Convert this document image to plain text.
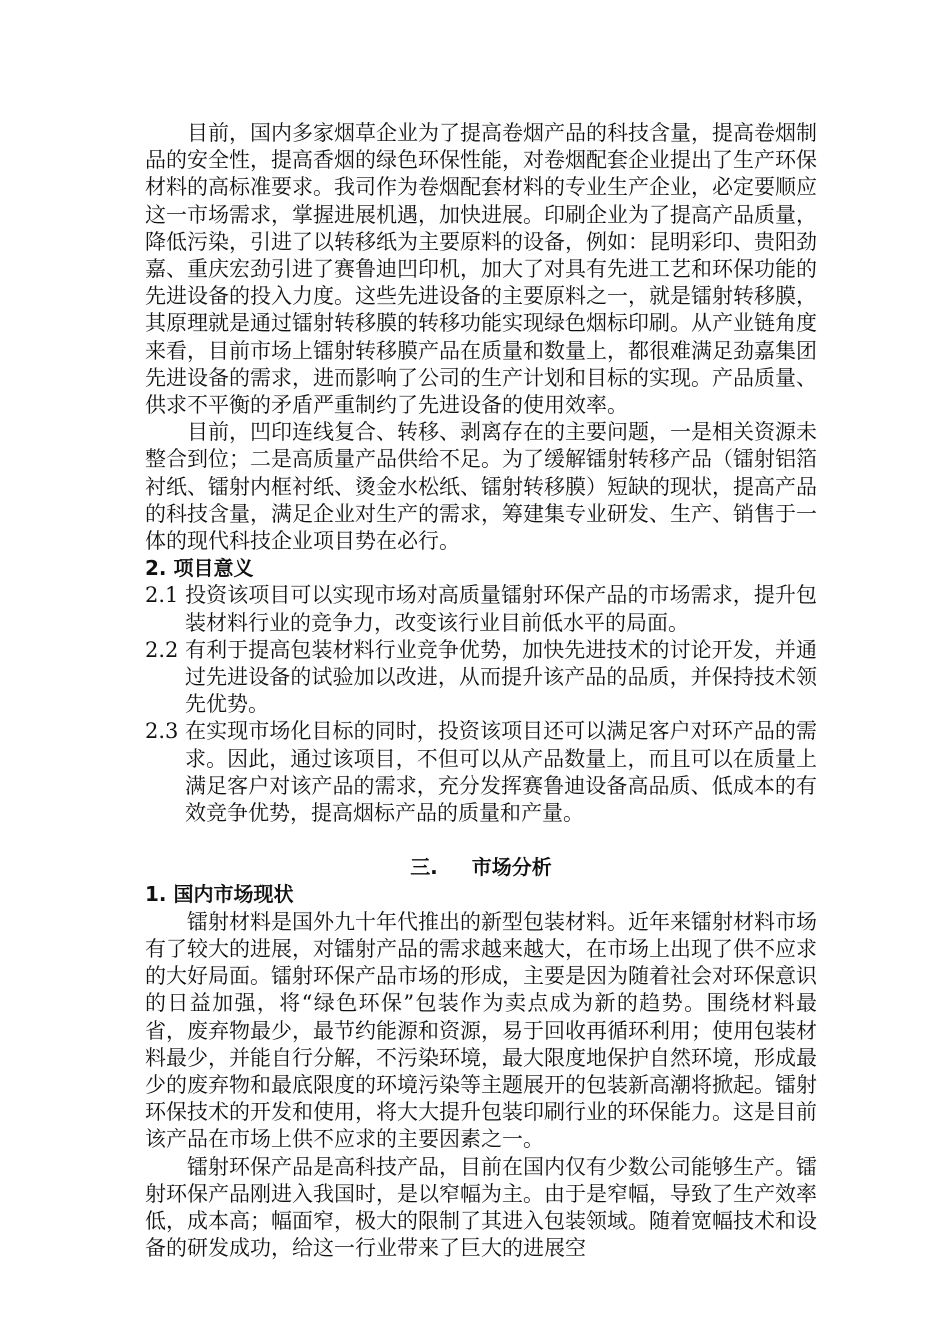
目前，国内多家烟草企业为了提高卷烟产品的科技含量，提高卷烟制品的安全性，提高香烟的绿色环保性能，对卷烟配套企业提出了生产环保材料的高标准要求。我司作为卷烟配套材料的专业生产企业，必定要顺应这一市场需求，掌握进展机遇，加快进展。印刷企业为了提高产品质量，降低污染，引进了以转移纸为主要原料的设备，例如：昆明彩印、贵阳劲嘉、重庆宏劲引进了赛鲁迪凹印机，加大了对具有先进工艺和环保功能的先进设备的投入力度。这些先进设备的主要原料之一，就是镭射转移膜，其原理就是通过镭射转移膜的转移功能实现绿色烟标印刷。从产业链角度来看，目前市场上镭射转移膜产品在质量和数量上，都很难满足劲嘉集团先进设备的需求，进而影响了公司的生产计划和目标的实现。产品质量、供求不平衡的矛盾严重制约了先进设备的使用效率。

目前，凹印连线复合、转移、剥离存在的主要问题，一是相关资源未整合到位；二是高质量产品供给不足。为了缓解镭射转移产品（镭射铝箔衬纸、镭射内框衬纸、烫金水松纸、镭射转移膜）短缺的现状，提高产品的科技含量，满足企业对生产的需求，筹建集专业研发、生产、销售于一体的现代科技企业项目势在必行。

2. 项目意义

2.1 投资该项目可以实现市场对高质量镭射环保产品的市场需求，提升包装材料行业的竞争力，改变该行业目前低水平的局面。

2.2 有利于提高包装材料行业竞争优势，加快先进技术的讨论开发，并通过先进设备的试验加以改进，从而提升该产品的品质，并保持技术领先优势。

2.3 在实现市场化目标的同时，投资该项目还可以满足客户对环产品的需求。因此，通过该项目，不但可以从产品数量上，而且可以在质量上满足客户对该产品的需求，充分发挥赛鲁迪设备高品质、低成本的有效竞争优势，提高烟标产品的质量和产量。

三. 市场分析
1. 国内市场现状

镭射材料是国外九十年代推出的新型包装材料。近年来镭射材料市场有了较大的进展，对镭射产品的需求越来越大，在市场上出现了供不应求的大好局面。镭射环保产品市场的形成，主要是因为随着社会对环保意识的日益加强，将“绿色环保”包装作为卖点成为新的趋势。围绕材料最省，废弃物最少，最节约能源和资源，易于回收再循环利用；使用包装材料最少，并能自行分解，不污染环境，最大限度地保护自然环境，形成最少的废弃物和最底限度的环境污染等主题展开的包装新高潮将掀起。镭射环保技术的开发和使用，将大大提升包装印刷行业的环保能力。这是目前该产品在市场上供不应求的主要因素之一。

镭射环保产品是高科技产品，目前在国内仅有少数公司能够生产。镭射环保产品刚进入我国时，是以窄幅为主。由于是窄幅，导致了生产效率低，成本高；幅面窄，极大的限制了其进入包装领域。随着宽幅技术和设备的研发成功，给这一行业带来了巨大的进展空
